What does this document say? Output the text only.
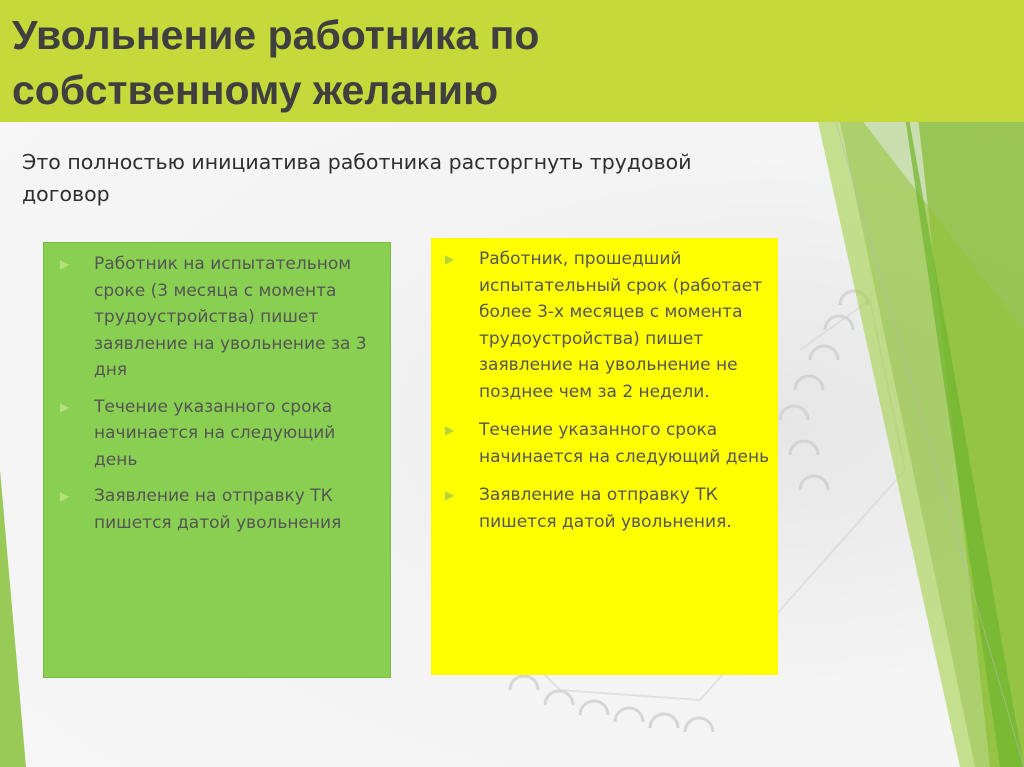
Увольнение работника по собственному желанию
Это полностью инициатива работника расторгнуть трудовой договор
▶ Работник на испытательном сроке (3 месяца с момента трудоустройства) пишет заявление на увольнение за 3 дня
▶ Течение указанного срока начинается на следующий день
▶ Заявление на отправку ТК пишется датой увольнения
▶ Работник, прошедший испытательный срок (работает более 3-х месяцев с момента трудоустройства) пишет заявление на увольнение не позднее чем за 2 недели.
▶ Течение указанного срока начинается на следующий день
▶ Заявление на отправку ТК пишется датой увольнения.
